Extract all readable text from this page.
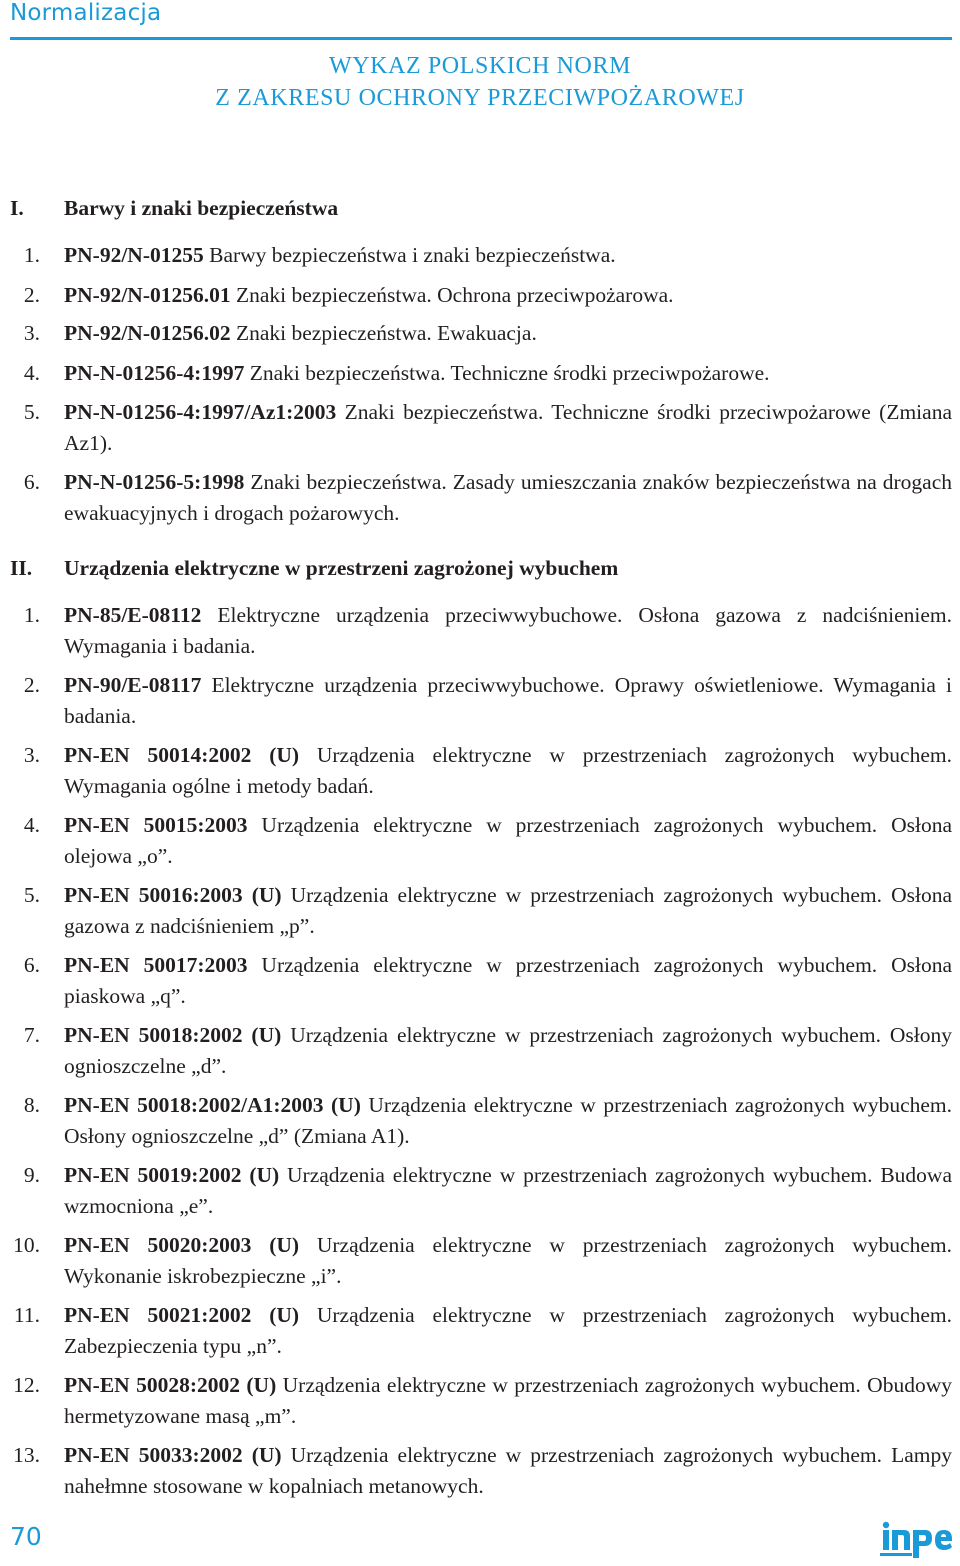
Normalizacja
WYKAZ POLSKICH NORM
Z ZAKRESU OCHRONY PRZECIWPOŻAROWEJ
I. Barwy i znaki bezpieczeństwa
1. PN-92/N-01255 Barwy bezpieczeństwa i znaki bezpieczeństwa.
2. PN-92/N-01256.01 Znaki bezpieczeństwa. Ochrona przeciwpożarowa.
3. PN-92/N-01256.02 Znaki bezpieczeństwa. Ewakuacja.
4. PN-N-01256-4:1997 Znaki bezpieczeństwa. Techniczne środki przeciwpożarowe.
5. PN-N-01256-4:1997/Az1:2003 Znaki bezpieczeństwa. Techniczne środki przeciwpożarowe (Zmiana Az1).
6. PN-N-01256-5:1998 Znaki bezpieczeństwa. Zasady umieszczania znaków bezpieczeństwa na drogach ewakuacyjnych i drogach pożarowych.
II. Urządzenia elektryczne w przestrzeni zagrożonej wybuchem
1. PN-85/E-08112 Elektryczne urządzenia przeciwwybuchowe. Osłona gazowa z nadciśnieniem. Wymagania i badania.
2. PN-90/E-08117 Elektryczne urządzenia przeciwwybuchowe. Oprawy oświetleniowe. Wymagania i badania.
3. PN-EN 50014:2002 (U) Urządzenia elektryczne w przestrzeniach zagrożonych wybuchem. Wymagania ogólne i metody badań.
4. PN-EN 50015:2003 Urządzenia elektryczne w przestrzeniach zagrożonych wybuchem. Osłona olejowa „o”.
5. PN-EN 50016:2003 (U) Urządzenia elektryczne w przestrzeniach zagrożonych wybuchem. Osłona gazowa z nadciśnieniem „p”.
6. PN-EN 50017:2003 Urządzenia elektryczne w przestrzeniach zagrożonych wybuchem. Osłona piaskowa „q”.
7. PN-EN 50018:2002 (U) Urządzenia elektryczne w przestrzeniach zagrożonych wybuchem. Osłony ognioszczelne „d”.
8. PN-EN 50018:2002/A1:2003 (U) Urządzenia elektryczne w przestrzeniach zagrożonych wybuchem. Osłony ognioszczelne „d” (Zmiana A1).
9. PN-EN 50019:2002 (U) Urządzenia elektryczne w przestrzeniach zagrożonych wybuchem. Budowa wzmocniona „e”.
10. PN-EN 50020:2003 (U) Urządzenia elektryczne w przestrzeniach zagrożonych wybuchem. Wykonanie iskrobezpieczne „i”.
11. PN-EN 50021:2002 (U) Urządzenia elektryczne w przestrzeniach zagrożonych wybuchem. Zabezpieczenia typu „n”.
12. PN-EN 50028:2002 (U) Urządzenia elektryczne w przestrzeniach zagrożonych wybuchem. Obudowy hermetyzowane masą „m”.
13. PN-EN 50033:2002 (U) Urządzenia elektryczne w przestrzeniach zagrożonych wybuchem. Lampy nahełmne stosowane w kopalniach metanowych.
70
